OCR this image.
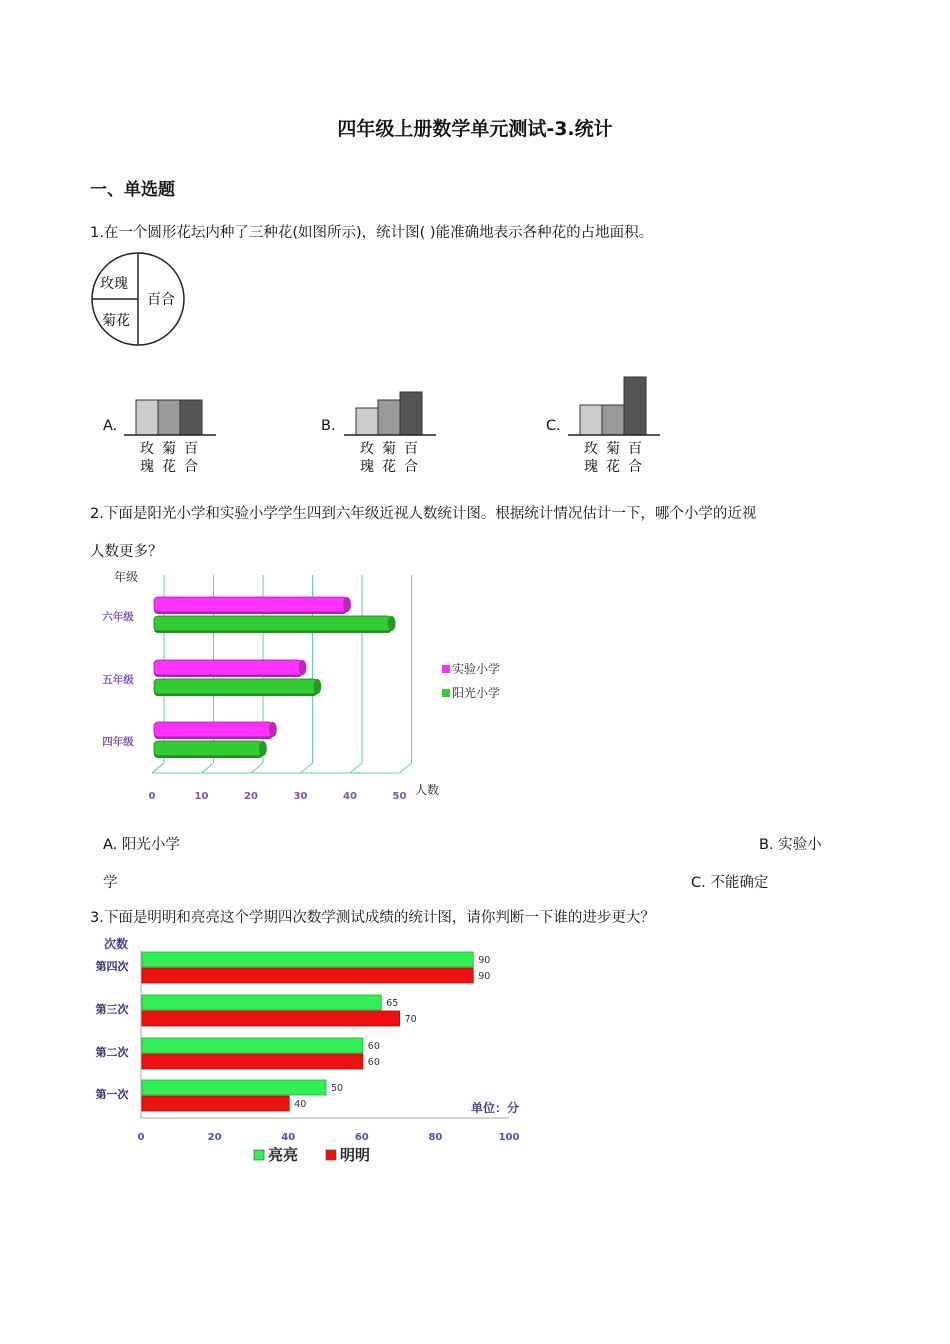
四年级上册数学单元测试-3.统计
一、单选题
1.在一个圆形花坛内种了三种花(如图所示)，统计图( )能准确地表示各种花的占地面积。
玫瑰
菊花
百合
A.
玫
瑰
菊
花
百
合
B.
玫
瑰
菊
花
百
合
C.
玫
瑰
菊
花
百
合
2.下面是阳光小学和实验小学学生四到六年级近视人数统计图。根据统计情况估计一下，哪个小学的近视
人数更多？
0	10	20	30	40	50
年级
人数
六年级
五年级
四年级
实验小学
阳光小学
A. 阳光小学	B. 实验小
学	C. 不能确定
3.下面是明明和亮亮这个学期四次数学测试成绩的统计图，请你判断一下谁的进步更大？
次数
0	20	40	60	80	100
单位：分
第四次	90
90
第三次	65
70
第二次	60
60
第一次	50
40
亮亮	明明
